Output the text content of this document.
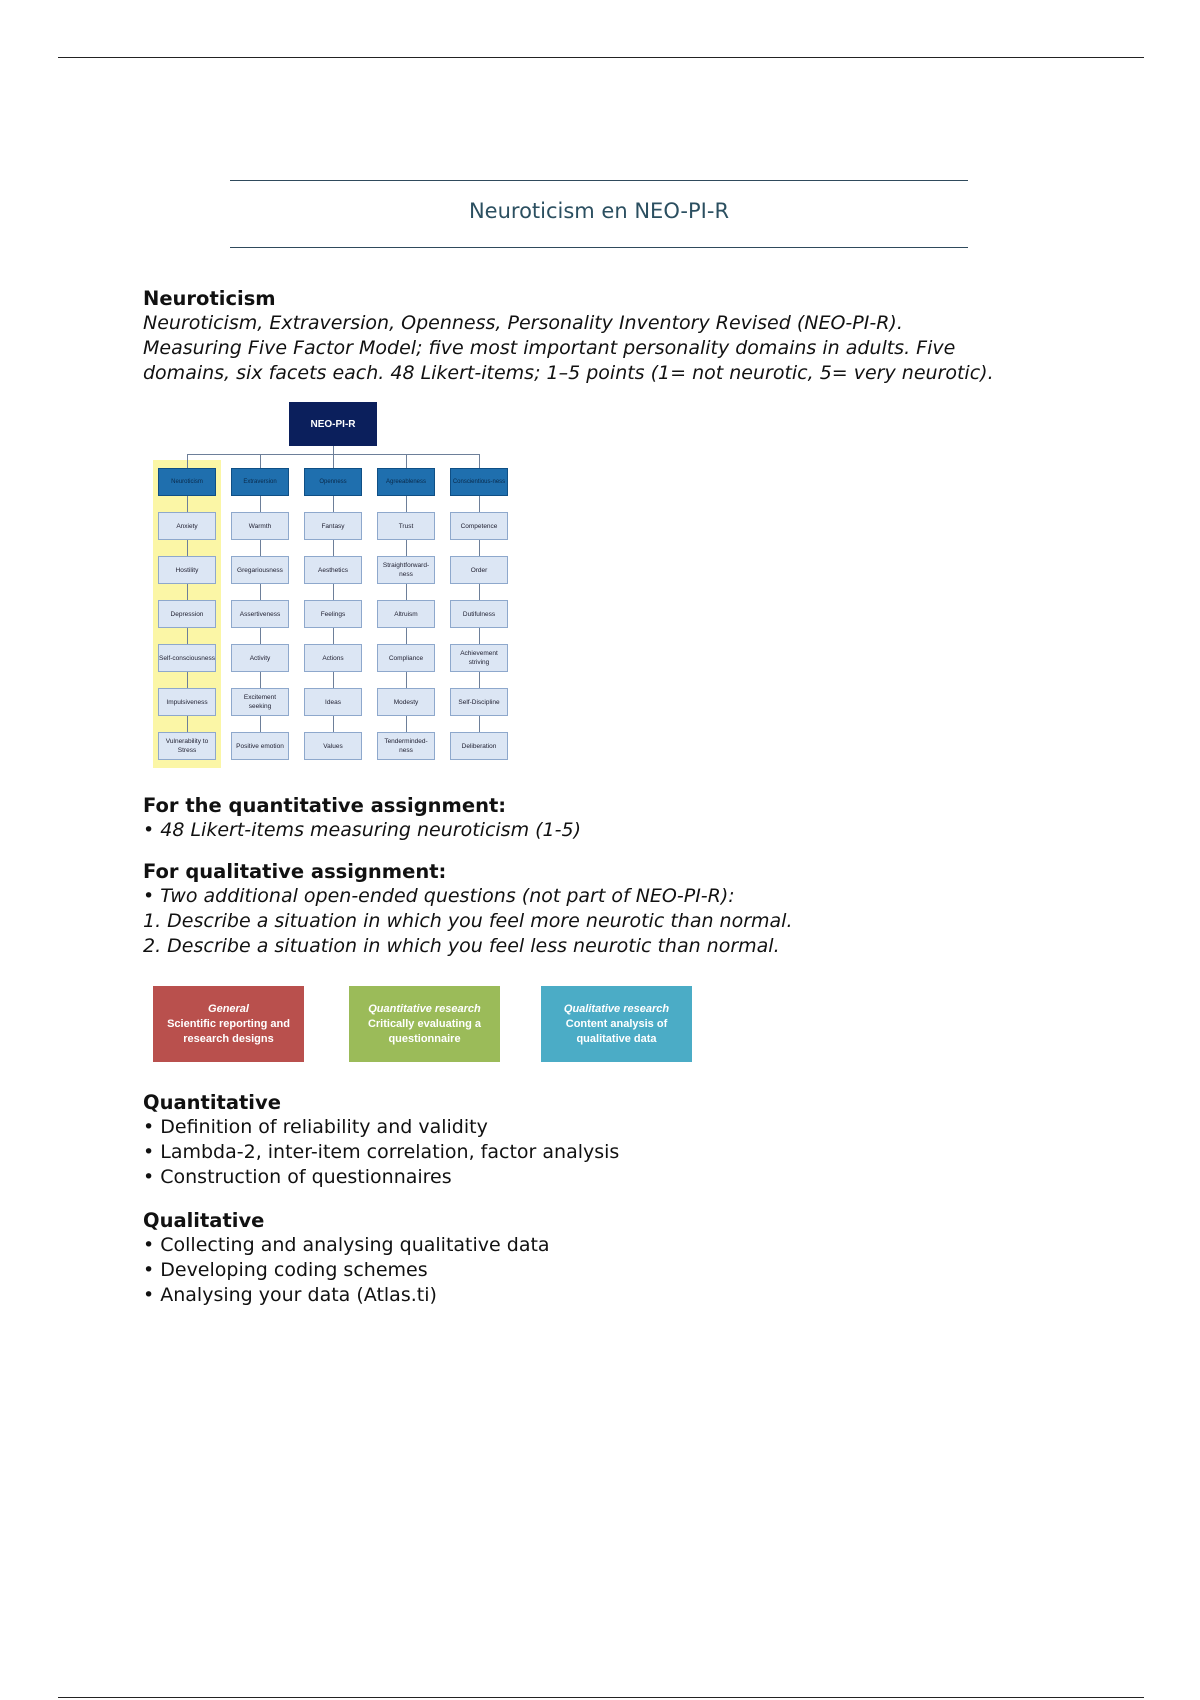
Neuroticism en NEO-PI-R

Neuroticism

Neuroticism, Extraversion, Openness, Personality Inventory Revised (NEO-PI-R).

Measuring Five Factor Model; five most important personality domains in adults. Five

domains, six facets each. 48 Likert-items; 1–5 points (1= not neurotic, 5= very neurotic).

NEO-PI-R
Neuroticism
Anxiety
Hostility
Depression
Self-consciousness
Impulsiveness
Vulnerability to Stress
Extraversion
Warmth
Gregariousness
Assertiveness
Activity
Excitement seeking
Positive emotion
Openness
Fantasy
Aesthetics
Feelings
Actions
Ideas
Values
Agreeableness
Trust
Straightforward-ness
Altruism
Compliance
Modesty
Tenderminded-ness
Conscientious-ness
Competence
Order
Dutifulness
Achievement striving
Self-Discipline
Deliberation

For the quantitative assignment:

• 48 Likert-items measuring neuroticism (1-5)

For qualitative assignment:

• Two additional open-ended questions (not part of NEO-PI-R):

1. Describe a situation in which you feel more neurotic than normal.

2. Describe a situation in which you feel less neurotic than normal.

General
Scientific reporting and
research designs
Quantitative research
Critically evaluating a
questionnaire
Qualitative research
Content analysis of
qualitative data

Quantitative

• Definition of reliability and validity

• Lambda-2, inter-item correlation, factor analysis

• Construction of questionnaires

Qualitative

• Collecting and analysing qualitative data

• Developing coding schemes

• Analysing your data (Atlas.ti)
